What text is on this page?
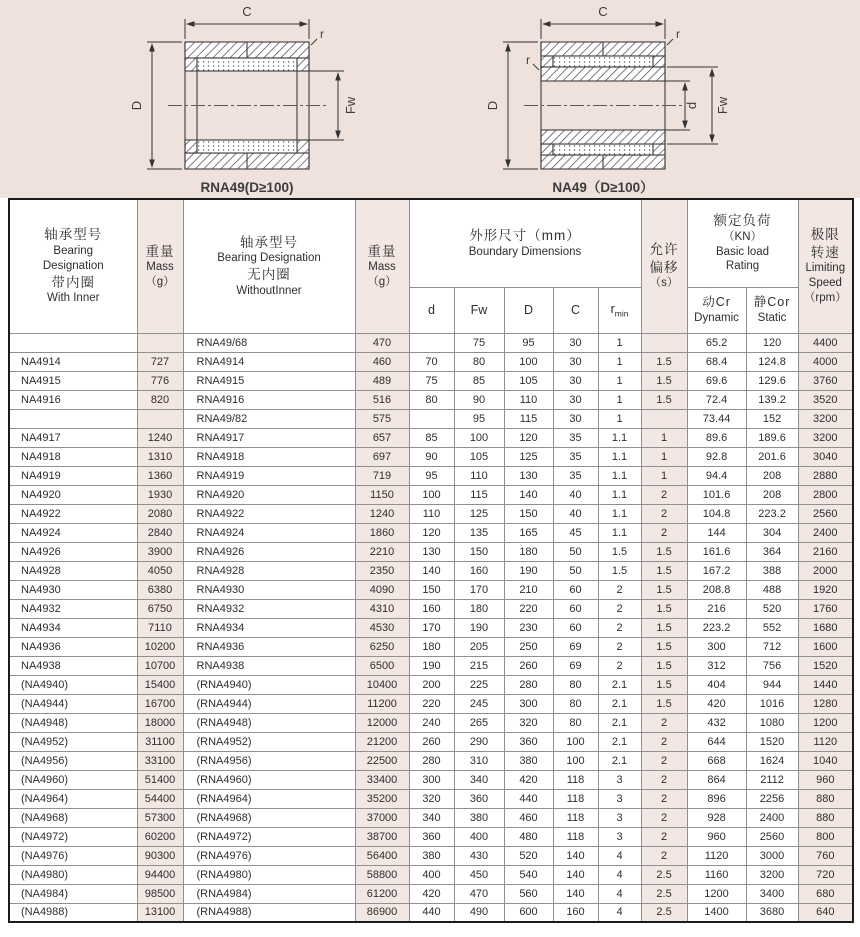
C
r
D	Fw
RNA49(D≥100)
C
r
r
D	d Fw
NA49（D≥100）
轴承型号
Bearing
Designation
带内圈
With Inner

重量
Mass
（g）

轴承型号
Bearing Designation
无内圈
WithoutInner

重量
Mass
（g）

外形尺寸（mm）
Boundary Dimensions	允许
偏移
（s）

额定负荷
（KN）
Basic load
Rating

极限
转速
Limiting
Speed
（rpm）

d	Fw	D	C	$r_{min}$	
动Cr
Dynamic

静Cor
Static

		RNA49/68	470		75	95	30	1		65.2	120	4400
NA4914	727	RNA4914	460	70	80	100	30	1	1.5	68.4	124.8	4000
NA4915	776	RNA4915	489	75	85	105	30	1	1.5	69.6	129.6	3760
NA4916	820	RNA4916	516	80	90	110	30	1	1.5	72.4	139.2	3520
		RNA49/82	575		95	115	30	1		73.44	152	3200
NA4917	1240	RNA4917	657	85	100	120	35	1.1	1	89.6	189.6	3200
NA4918	1310	RNA4918	697	90	105	125	35	1.1	1	92.8	201.6	3040
NA4919	1360	RNA4919	719	95	110	130	35	1.1	1	94.4	208	2880
NA4920	1930	RNA4920	1150	100	115	140	40	1.1	2	101.6	208	2800
NA4922	2080	RNA4922	1240	110	125	150	40	1.1	2	104.8	223.2	2560
NA4924	2840	RNA4924	1860	120	135	165	45	1.1	2	144	304	2400
NA4926	3900	RNA4926	2210	130	150	180	50	1.5	1.5	161.6	364	2160
NA4928	4050	RNA4928	2350	140	160	190	50	1.5	1.5	167.2	388	2000
NA4930	6380	RNA4930	4090	150	170	210	60	2	1.5	208.8	488	1920
NA4932	6750	RNA4932	4310	160	180	220	60	2	1.5	216	520	1760
NA4934	7110	RNA4934	4530	170	190	230	60	2	1.5	223.2	552	1680
NA4936	10200	RNA4936	6250	180	205	250	69	2	1.5	300	712	1600
NA4938	10700	RNA4938	6500	190	215	260	69	2	1.5	312	756	1520
(NA4940)	15400	(RNA4940)	10400	200	225	280	80	2.1	1.5	404	944	1440
(NA4944)	16700	(RNA4944)	11200	220	245	300	80	2.1	1.5	420	1016	1280
(NA4948)	18000	(RNA4948)	12000	240	265	320	80	2.1	2	432	1080	1200
(NA4952)	31100	(RNA4952)	21200	260	290	360	100	2.1	2	644	1520	1120
(NA4956)	33100	(RNA4956)	22500	280	310	380	100	2.1	2	668	1624	1040
(NA4960)	51400	(RNA4960)	33400	300	340	420	118	3	2	864	2112	960
(NA4964)	54400	(RNA4964)	35200	320	360	440	118	3	2	896	2256	880
(NA4968)	57300	(RNA4968)	37000	340	380	460	118	3	2	928	2400	880
(NA4972)	60200	(RNA4972)	38700	360	400	480	118	3	2	960	2560	800
(NA4976)	90300	(RNA4976)	56400	380	430	520	140	4	2	1120	3000	760
(NA4980)	94400	(RNA4980)	58800	400	450	540	140	4	2.5	1160	3200	720
(NA4984)	98500	(RNA4984)	61200	420	470	560	140	4	2.5	1200	3400	680
(NA4988)	13100	(RNA4988)	86900	440	490	600	160	4	2.5	1400	3680	640
